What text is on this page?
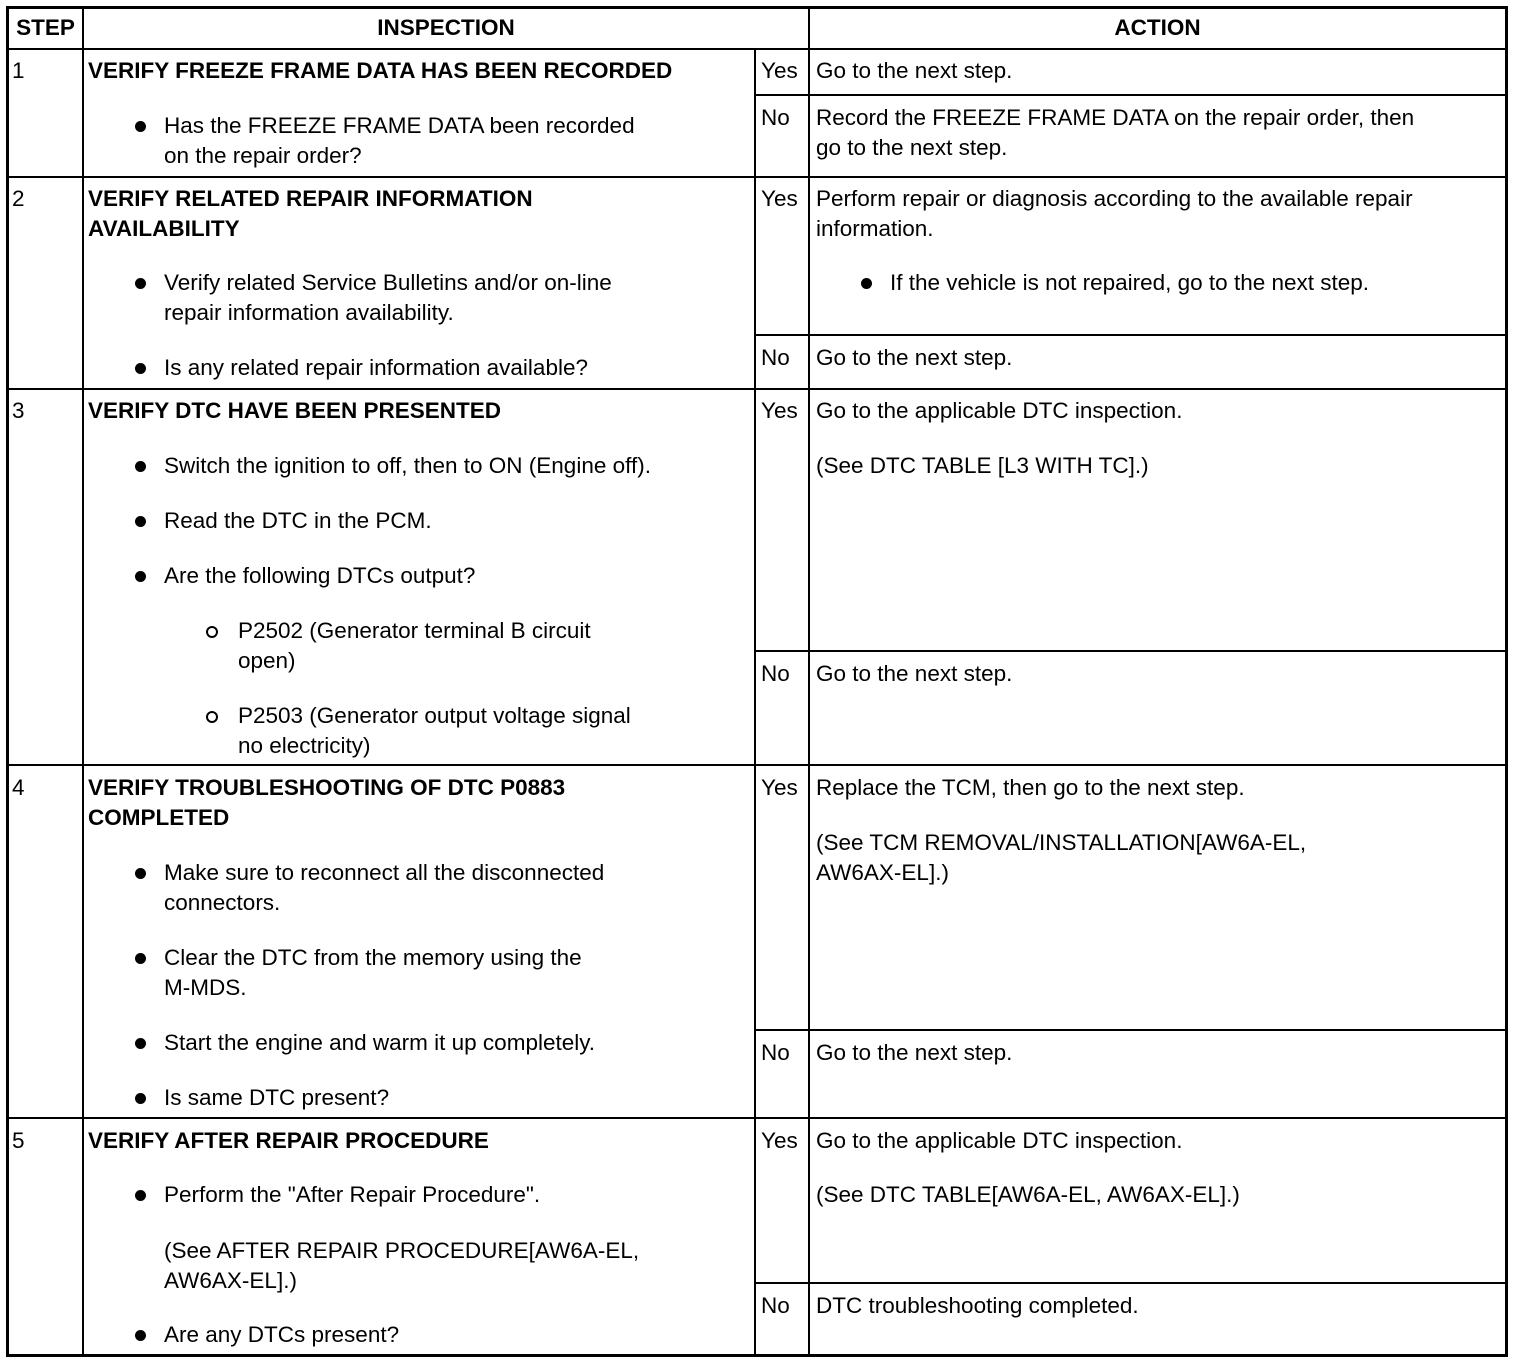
STEP	INSPECTION	ACTION
1	VERIFY FREEZE FRAME DATA HAS BEEN RECORDED
Has the FREEZE FRAME DATA been recorded
on the repair order?
Yes Go to the next step.
No Record the FREEZE FRAME DATA on the repair order, then
go to the next step.
2	VERIFY RELATED REPAIR INFORMATION
AVAILABILITY
Verify related Service Bulletins and/or on-line
repair information availability.
Is any related repair information available?
Yes Perform repair or diagnosis according to the available repair
information.
If the vehicle is not repaired, go to the next step.
No Go to the next step.
3	VERIFY DTC HAVE BEEN PRESENTED
Switch the ignition to off, then to ON (Engine off).
Read the DTC in the PCM.
Are the following DTCs output?
P2502 (Generator terminal B circuit
open)
P2503 (Generator output voltage signal
no electricity)
Yes Go to the applicable DTC inspection.
(See DTC TABLE [L3 WITH TC].)
No Go to the next step.
4	VERIFY TROUBLESHOOTING OF DTC P0883
COMPLETED
Make sure to reconnect all the disconnected
connectors.
Clear the DTC from the memory using the
M-MDS.
Start the engine and warm it up completely.
Is same DTC present?
Yes Replace the TCM, then go to the next step.
(See TCM REMOVAL/INSTALLATION[AW6A-EL,
AW6AX-EL].)
No Go to the next step.
5	VERIFY AFTER REPAIR PROCEDURE
Perform the "After Repair Procedure".
(See AFTER REPAIR PROCEDURE[AW6A-EL,
AW6AX-EL].)
Are any DTCs present?
Yes Go to the applicable DTC inspection.
(See DTC TABLE[AW6A-EL, AW6AX-EL].)
No DTC troubleshooting completed.
